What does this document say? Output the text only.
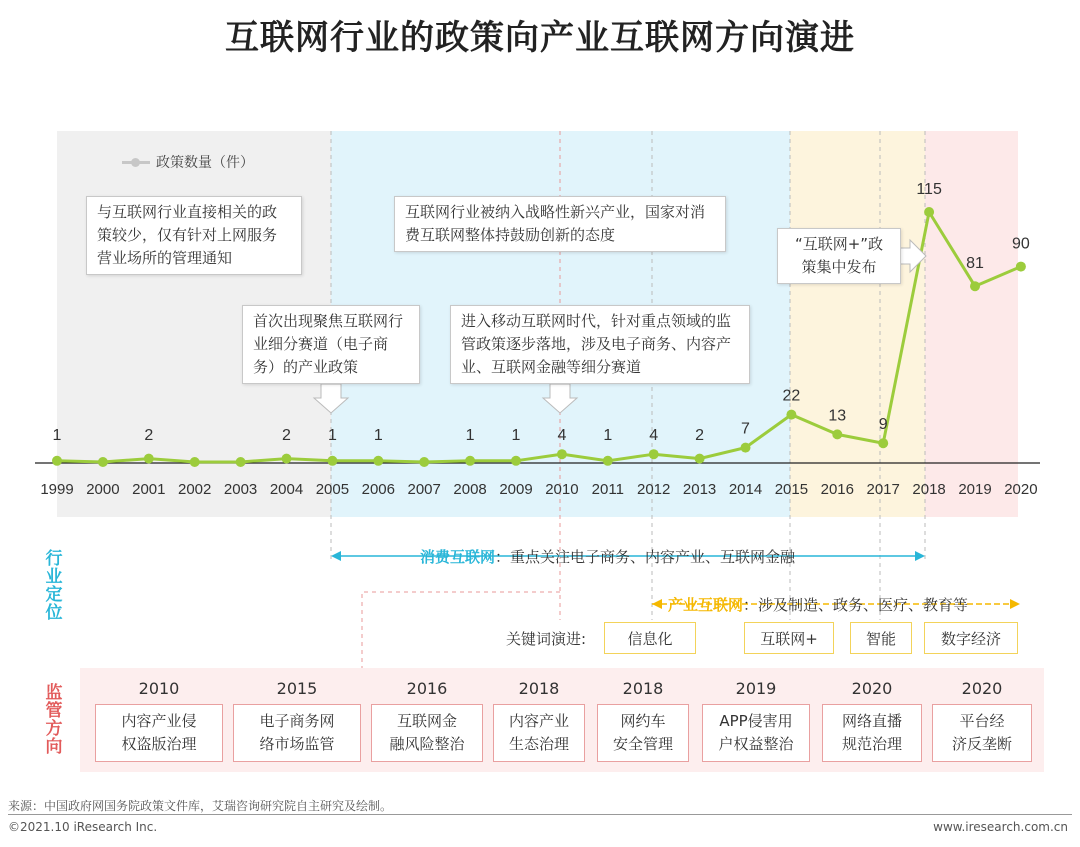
互联网行业的政策向产业互联网方向演进
1999 2000 2001 2002 2003 2004 2005 2006 2007 2008 2009 2010 2011 2012 2013 2014 2015 2016 2017 2018 2019 2020
1	2	2 1 1	1 1 4 1 4 2 7
22
13
9
115
81
90
政策数量（件）
与互联网行业直接相关的政策较少，仅有针对上网服务营业场所的管理通知
首次出现聚焦互联网行业细分赛道（电子商务）的产业政策
互联网行业被纳入战略性新兴产业，国家对消费互联网整体持鼓励创新的态度
进入移动互联网时代，针对重点领域的监管政策逐步落地，涉及电子商务、内容产业、互联网金融等细分赛道
“互联网+”政策集中发布
行
业
定
位
消费互联网：重点关注电子商务、内容产业、互联网金融
产业互联网：涉及制造、政务、医疗、教育等
关键词演进:	信息化	互联网+	智能	数字经济
监
管
方
向
2010
内容产业侵
权盗版治理
2015
电子商务网
络市场监管
2016
互联网金
融风险整治
2018
内容产业
生态治理
2018
网约车
安全管理
2019
APP侵害用
户权益整治
2020
网络直播
规范治理
2020
平台经
济反垄断
来源：中国政府网国务院政策文件库，艾瑞咨询研究院自主研究及绘制。
©2021.10 iResearch Inc.	www.iresearch.com.cn
